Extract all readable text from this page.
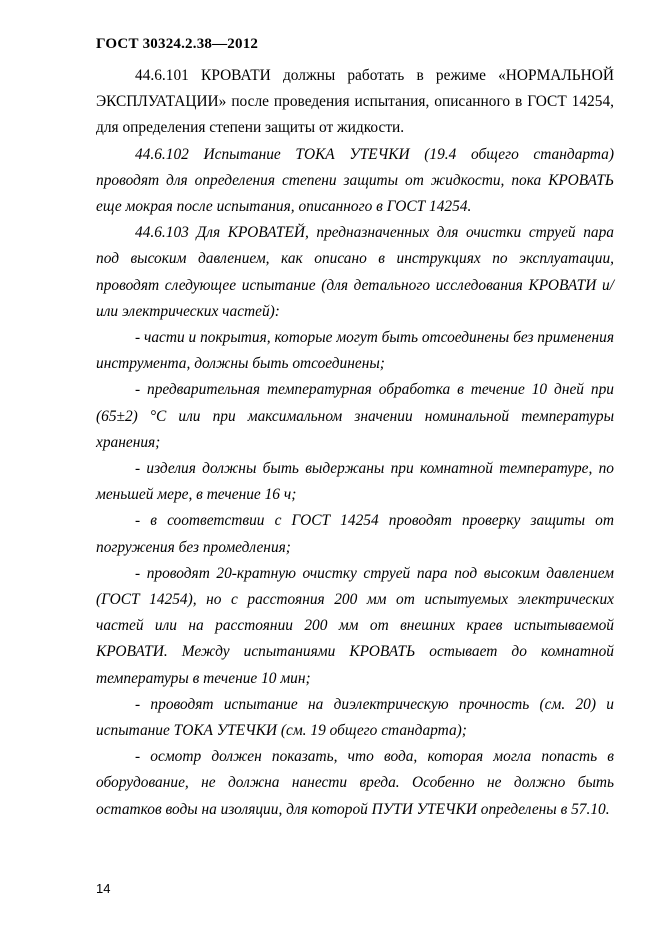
ГОСТ 30324.2.38—2012

44.6.101 КРОВАТИ должны работать в режиме «НОРМАЛЬНОЙ ЭКСПЛУАТАЦИИ» после проведения испытания, описанного в ГОСТ 14254, для определения степени защиты от жидкости.

44.6.102 Испытание ТОКА УТЕЧКИ (19.4 общего стандарта) проводят для определения степени защиты от жидкости, пока КРОВАТЬ еще мокрая после испытания, описанного в ГОСТ 14254.

44.6.103 Для КРОВАТЕЙ, предназначенных для очистки струей пара под высоким давлением, как описано в инструкциях по эксплуатации, проводят следующее испытание (для детального исследования КРОВАТИ и/или электрических частей):

- части и покрытия, которые могут быть отсоединены без применения инструмента, должны быть отсоединены;

- предварительная температурная обработка в течение 10 дней при (65±2) °С или при максимальном значении номинальной температуры хранения;

- изделия должны быть выдержаны при комнатной температуре, по меньшей мере, в течение 16 ч;

- в соответствии с ГОСТ 14254 проводят проверку защиты от погружения без промедления;

- проводят 20-кратную очистку струей пара под высоким давлением (ГОСТ 14254), но с расстояния 200 мм от испытуемых электрических частей или на расстоянии 200 мм от внешних краев испытываемой КРОВАТИ. Между испытаниями КРОВАТЬ остывает до комнатной температуры в течение 10 мин;

- проводят испытание на диэлектрическую прочность (см. 20) и испытание ТОКА УТЕЧКИ (см. 19 общего стандарта);

- осмотр должен показать, что вода, которая могла попасть в оборудование, не должна нанести вреда. Особенно не должно быть остатков воды на изоляции, для которой ПУТИ УТЕЧКИ определены в 57.10.

14
